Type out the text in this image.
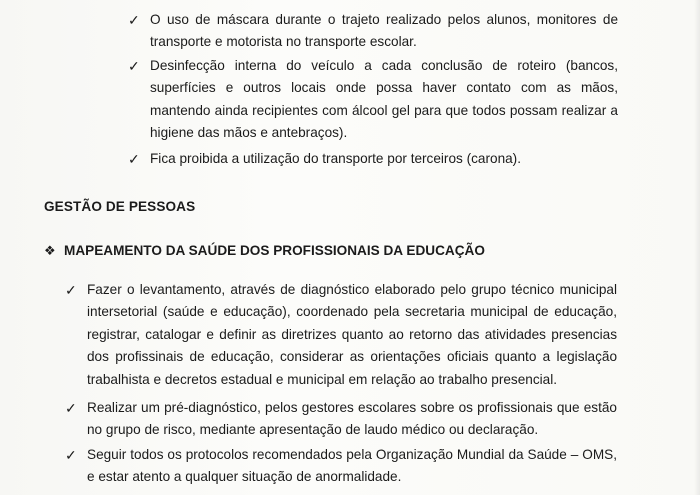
✓ O uso de máscara durante o trajeto realizado pelos alunos, monitores de transporte e motorista no transporte escolar.
✓ Desinfecção interna do veículo a cada conclusão de roteiro (bancos, superfícies e outros locais onde possa haver contato com as mãos, mantendo ainda recipientes com álcool gel para que todos possam realizar a higiene das mãos e antebraços).
✓ Fica proibida a utilização do transporte por terceiros (carona).
GESTÃO DE PESSOAS
❖ MAPEAMENTO DA SAÚDE DOS PROFISSIONAIS DA EDUCAÇÃO
✓ Fazer o levantamento, através de diagnóstico elaborado pelo grupo técnico municipal intersetorial (saúde e educação), coordenado pela secretaria municipal de educação, registrar, catalogar e definir as diretrizes quanto ao retorno das atividades presencias dos profissinais de educação, considerar as orientações oficiais quanto a legislação trabalhista e decretos estadual e municipal em relação ao trabalho presencial.
✓ Realizar um pré-diagnóstico, pelos gestores escolares sobre os profissionais que estão no grupo de risco, mediante apresentação de laudo médico ou declaração.
✓ Seguir todos os protocolos recomendados pela Organização Mundial da Saúde – OMS, e estar atento a qualquer situação de anormalidade.
